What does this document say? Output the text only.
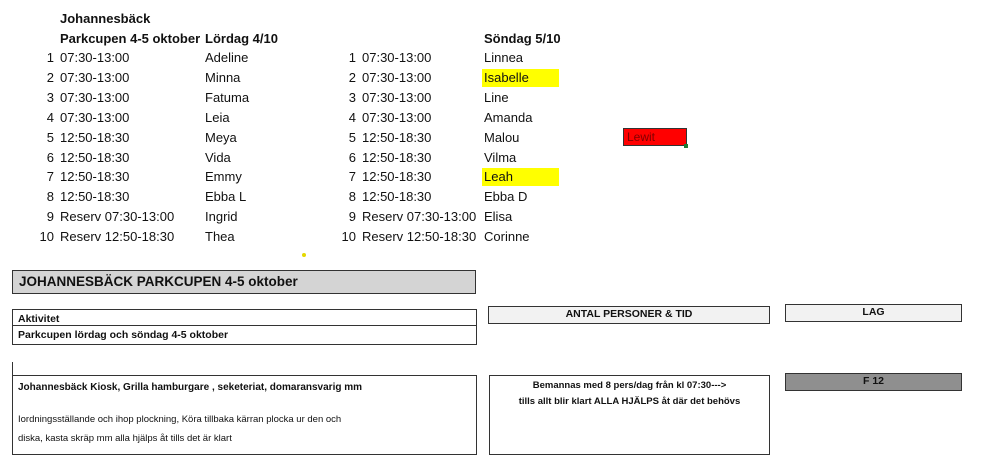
Johannesbäck
Parkcupen 4-5 oktober Lördag 4/10	Söndag 5/10
1 07:30-13:00	Adeline
2 07:30-13:00	Minna
3 07:30-13:00	Fatuma
4 07:30-13:00	Leia
5 12:50-18:30	Meya
6 12:50-18:30	Vida
7 12:50-18:30	Emmy
8 12:50-18:30	Ebba L
9 Reserv 07:30-13:00 Ingrid
10 Reserv 12:50-18:30 Thea
1 07:30-13:00	Linnea
2 07:30-13:00	Isabelle
3 07:30-13:00	Line
4 07:30-13:00	Amanda
5 12:50-18:30	Malou
6 12:50-18:30	Vilma
7 12:50-18:30	Leah
8 12:50-18:30	Ebba D
9 Reserv 07:30-13:00 Elisa
10 Reserv 12:50-18:30 Corinne
Lewit
JOHANNESBÄCK PARKCUPEN 4-5 oktober
Aktivitet
Parkcupen lördag och söndag 4-5 oktober
ANTAL PERSONER & TID	LAG
Johannesbäck Kiosk, Grilla hamburgare , seketeriat, domaransvarig mm
Iordningsställande och ihop plockning, Köra tillbaka kärran plocka ur den och
diska, kasta skräp mm alla hjälps åt tills det är klart
Bemannas med 8 pers/dag från kl 07:30--->
tills allt blir klart ALLA HJÄLPS åt där det behövs
F 12
